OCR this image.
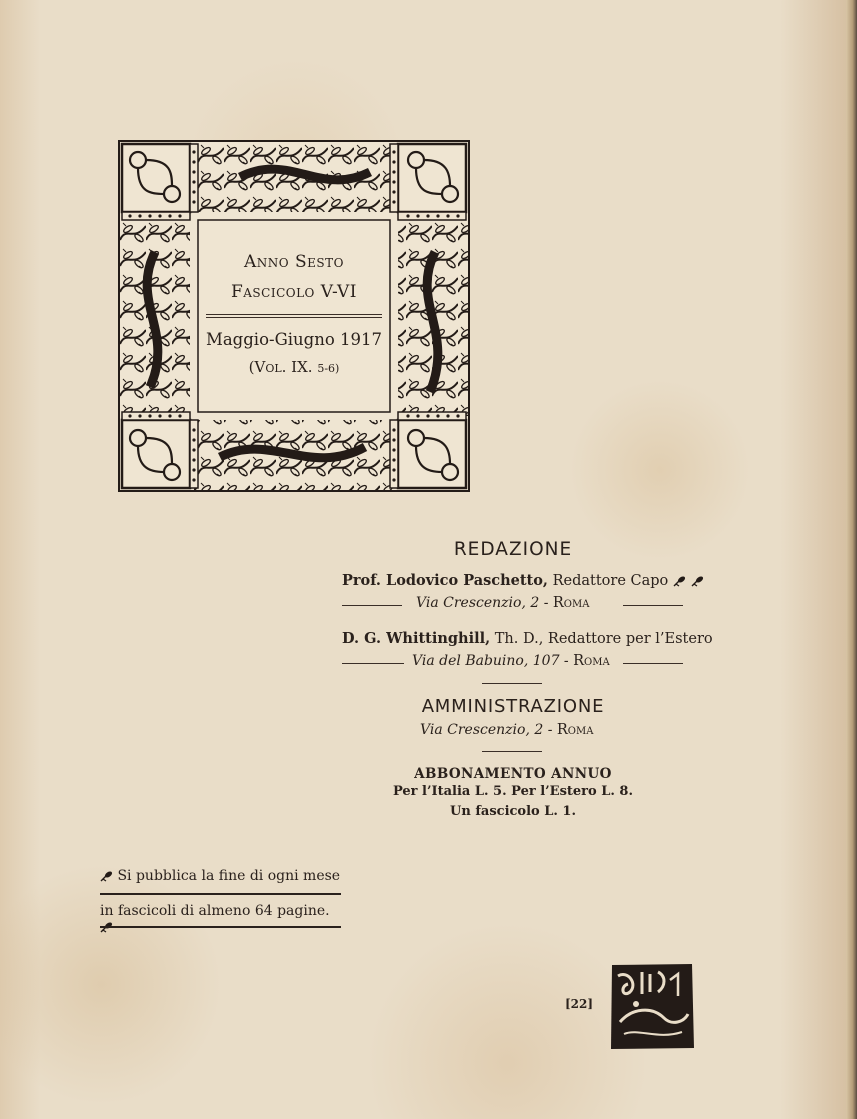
Anno Sesto
Fascicolo V-VI
Maggio-Giugno 1917
(Vol. IX. 5-6)
REDAZIONE
Prof. Lodovico Paschetto, Redattore Capo
Via Crescenzio, 2 - Roma
D. G. Whittinghill, Th. D., Redattore per l’Estero
Via del Babuino, 107 - Roma
AMMINISTRAZIONE
Via Crescenzio, 2 - Roma
ABBONAMENTO ANNUO
Per l’Italia L. 5. Per l’Estero L. 8.
Un fascicolo L. 1.
Si pubblica la fine di ogni mese
in fascicoli di almeno 64 pagine.
[22]
